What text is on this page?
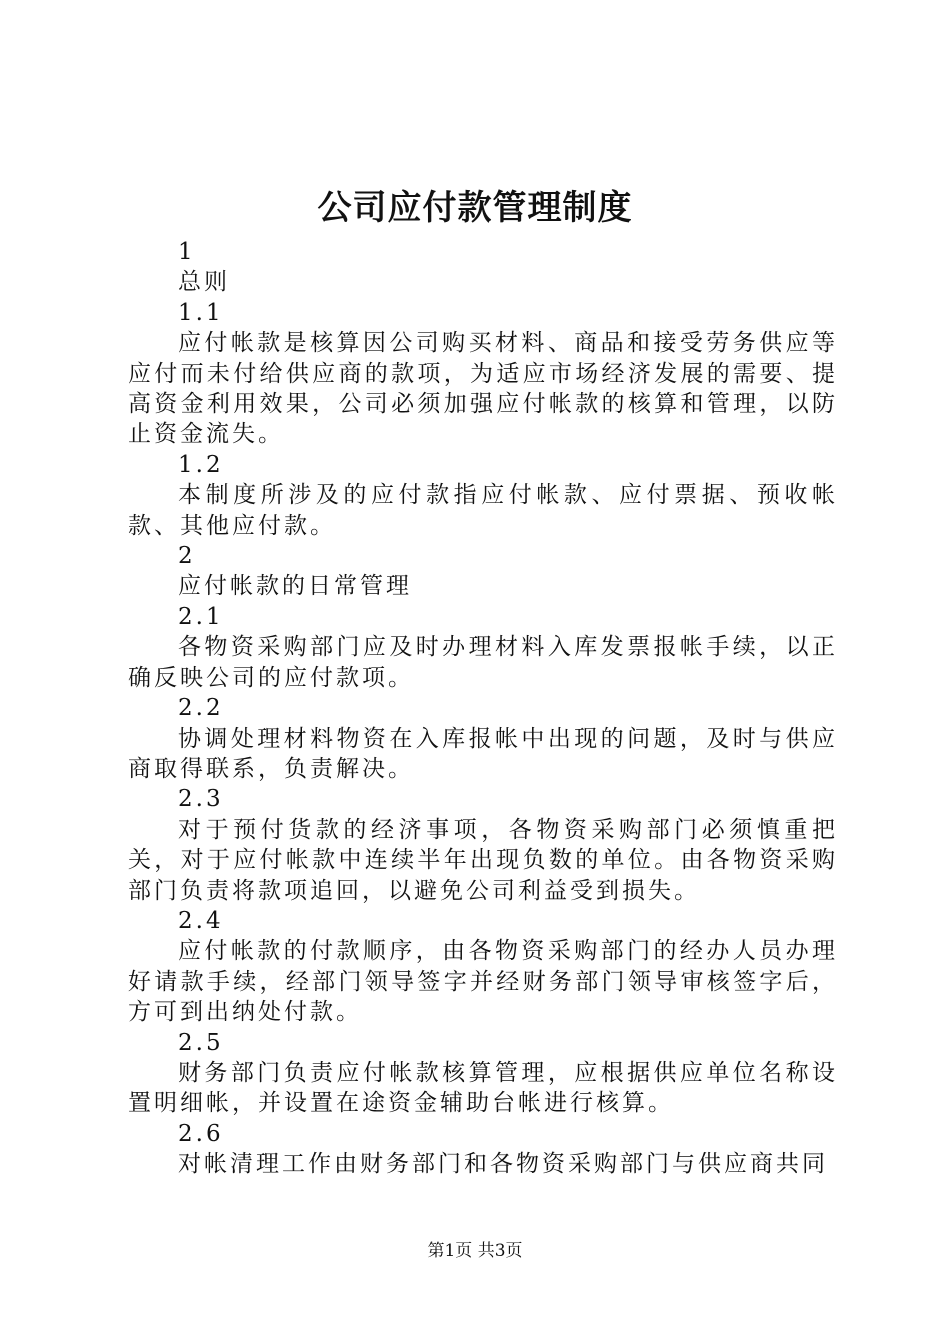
公司应付款管理制度
1
总则
1.1
应付帐款是核算因公司购买材料、商品和接受劳务供应等应付而未付给供应商的款项，为适应市场经济发展的需要、提高资金利用效果，公司必须加强应付帐款的核算和管理，以防止资金流失。
1.2
本制度所涉及的应付款指应付帐款、应付票据、预收帐款、其他应付款。
2
应付帐款的日常管理
2.1
各物资采购部门应及时办理材料入库发票报帐手续，以正确反映公司的应付款项。
2.2
协调处理材料物资在入库报帐中出现的问题，及时与供应商取得联系，负责解决。
2.3
对于预付货款的经济事项，各物资采购部门必须慎重把关，对于应付帐款中连续半年出现负数的单位。由各物资采购部门负责将款项追回，以避免公司利益受到损失。
2.4
应付帐款的付款顺序，由各物资采购部门的经办人员办理好请款手续，经部门领导签字并经财务部门领导审核签字后，方可到出纳处付款。
2.5
财务部门负责应付帐款核算管理，应根据供应单位名称设置明细帐，并设置在途资金辅助台帐进行核算。
2.6
对帐清理工作由财务部门和各物资采购部门与供应商共同
第1页 共3页
